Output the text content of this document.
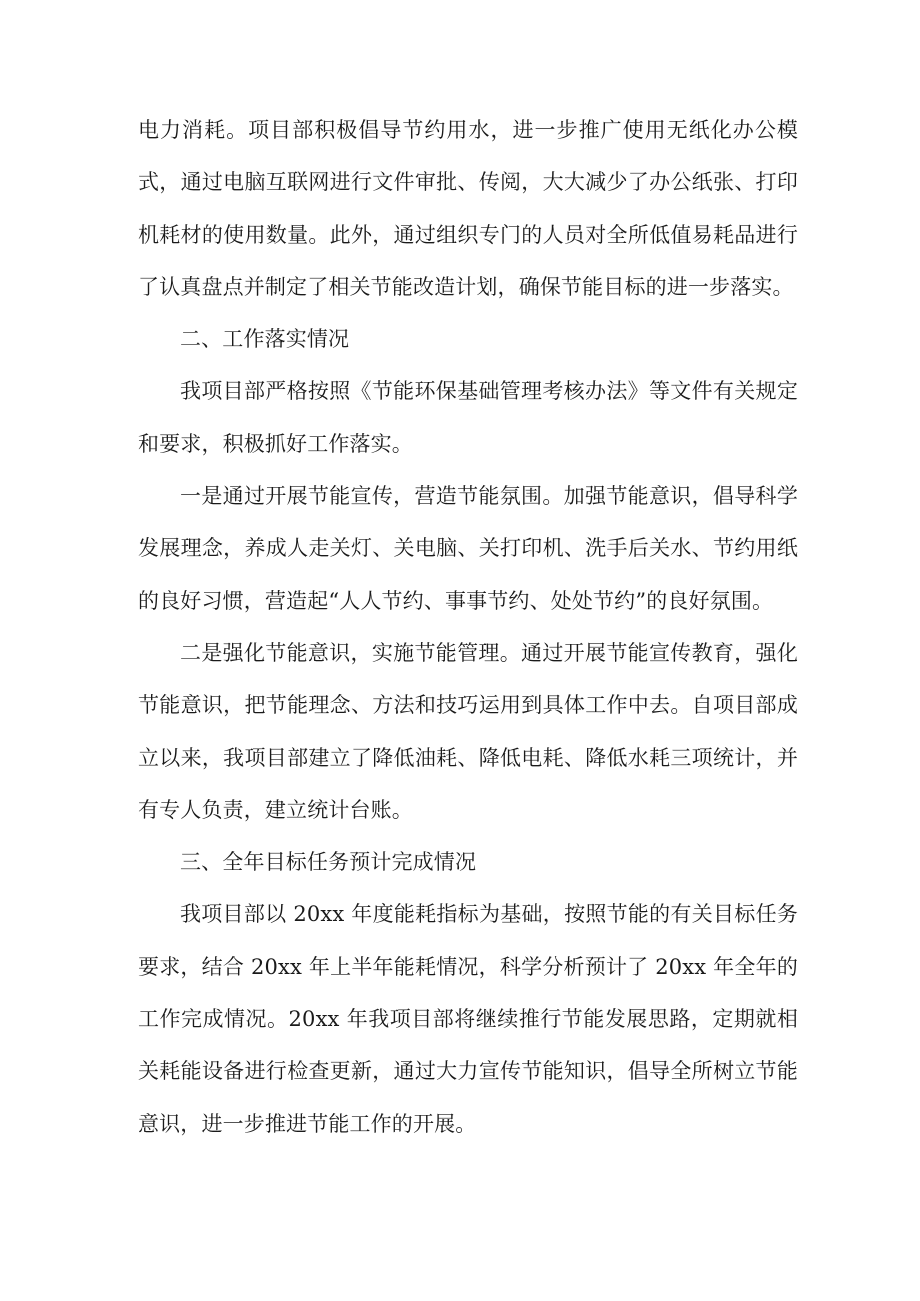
电力消耗。项目部积极倡导节约用水，进一步推广使用无纸化办公模式，通过电脑互联网进行文件审批、传阅，大大减少了办公纸张、打印机耗材的使用数量。此外，通过组织专门的人员对全所低值易耗品进行了认真盘点并制定了相关节能改造计划，确保节能目标的进一步落实。

二、工作落实情况

我项目部严格按照《节能环保基础管理考核办法》等文件有关规定和要求，积极抓好工作落实。

一是通过开展节能宣传，营造节能氛围。加强节能意识，倡导科学发展理念，养成人走关灯、关电脑、关打印机、洗手后关水、节约用纸的良好习惯，营造起“人人节约、事事节约、处处节约”的良好氛围。

二是强化节能意识，实施节能管理。通过开展节能宣传教育，强化节能意识，把节能理念、方法和技巧运用到具体工作中去。自项目部成立以来，我项目部建立了降低油耗、降低电耗、降低水耗三项统计，并有专人负责，建立统计台账。

三、全年目标任务预计完成情况

我项目部以 20xx 年度能耗指标为基础，按照节能的有关目标任务要求，结合 20xx 年上半年能耗情况，科学分析预计了 20xx 年全年的工作完成情况。20xx 年我项目部将继续推行节能发展思路，定期就相关耗能设备进行检查更新，通过大力宣传节能知识，倡导全所树立节能意识，进一步推进节能工作的开展。
